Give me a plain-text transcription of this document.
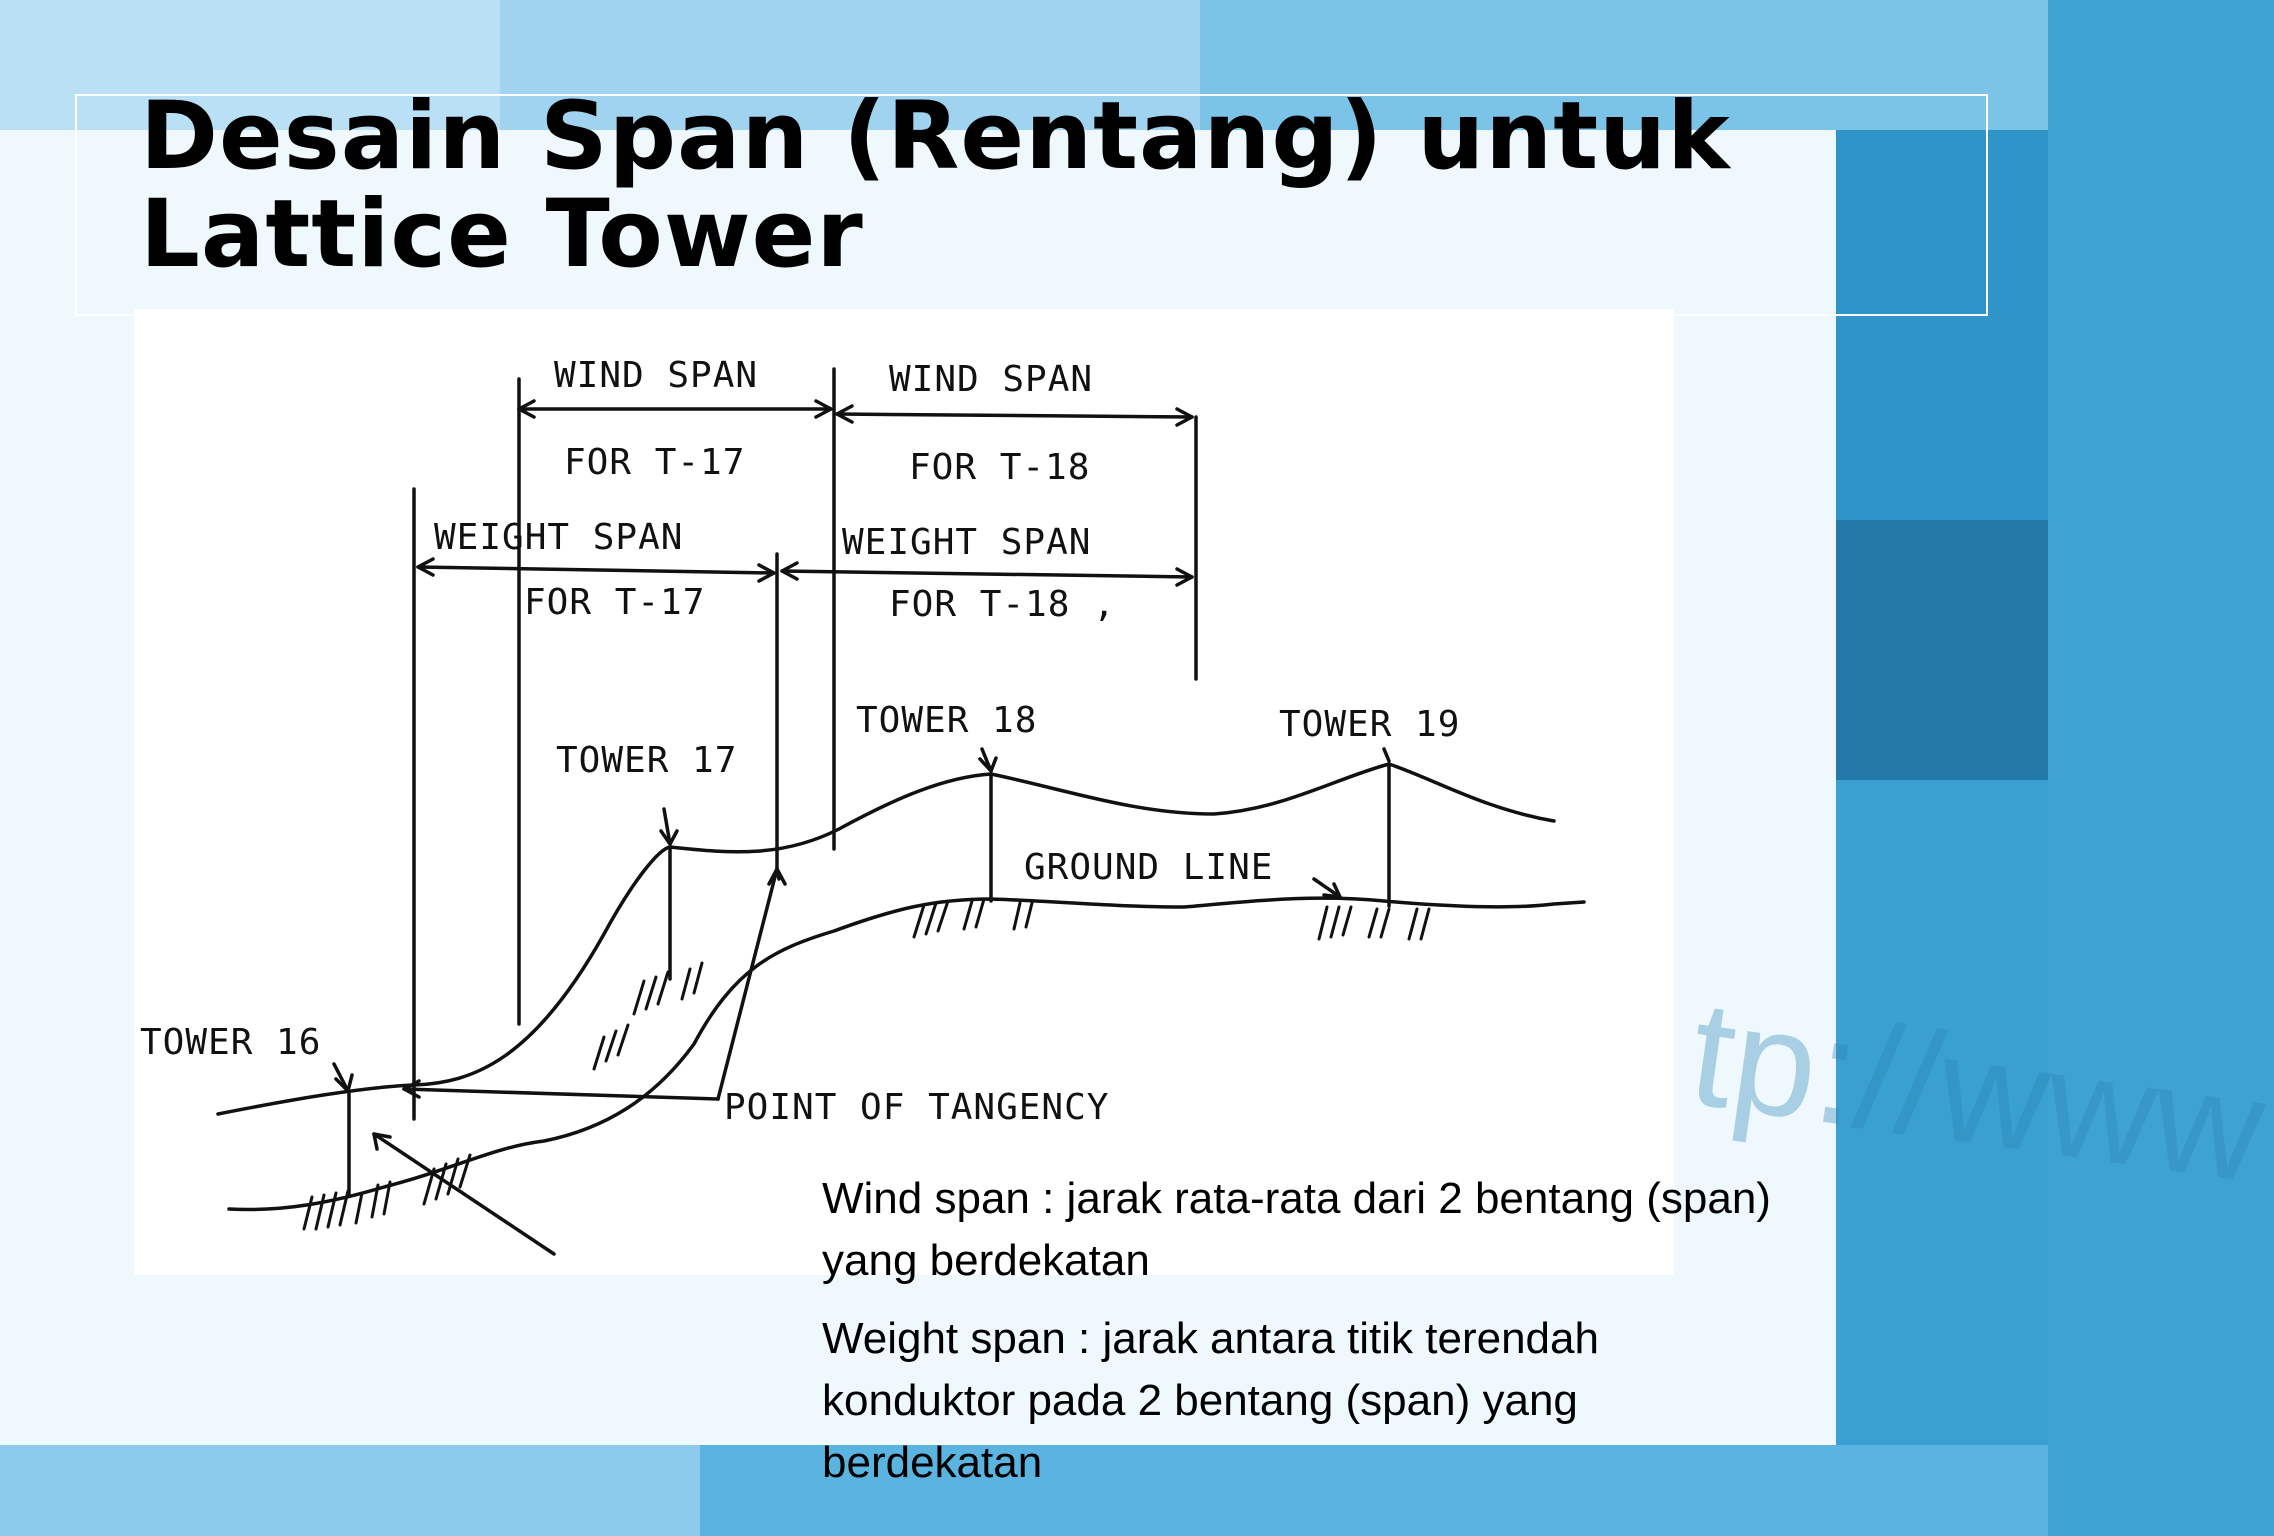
tp://www
Desain Span (Rentang) untuk
Lattice Tower
WIND SPAN
FOR T-17
WIND SPAN
FOR T-18
WEIGHT SPAN
FOR T-17
WEIGHT SPAN
FOR T-18 ,
TOWER 16
TOWER 17
TOWER 18	TOWER 19
GROUND LINE
POINT OF TANGENCY

Wind span : jarak rata-rata dari 2 bentang (span) yang berdekatan

Weight span : jarak antara titik terendah konduktor pada 2 bentang (span) yang berdekatan
